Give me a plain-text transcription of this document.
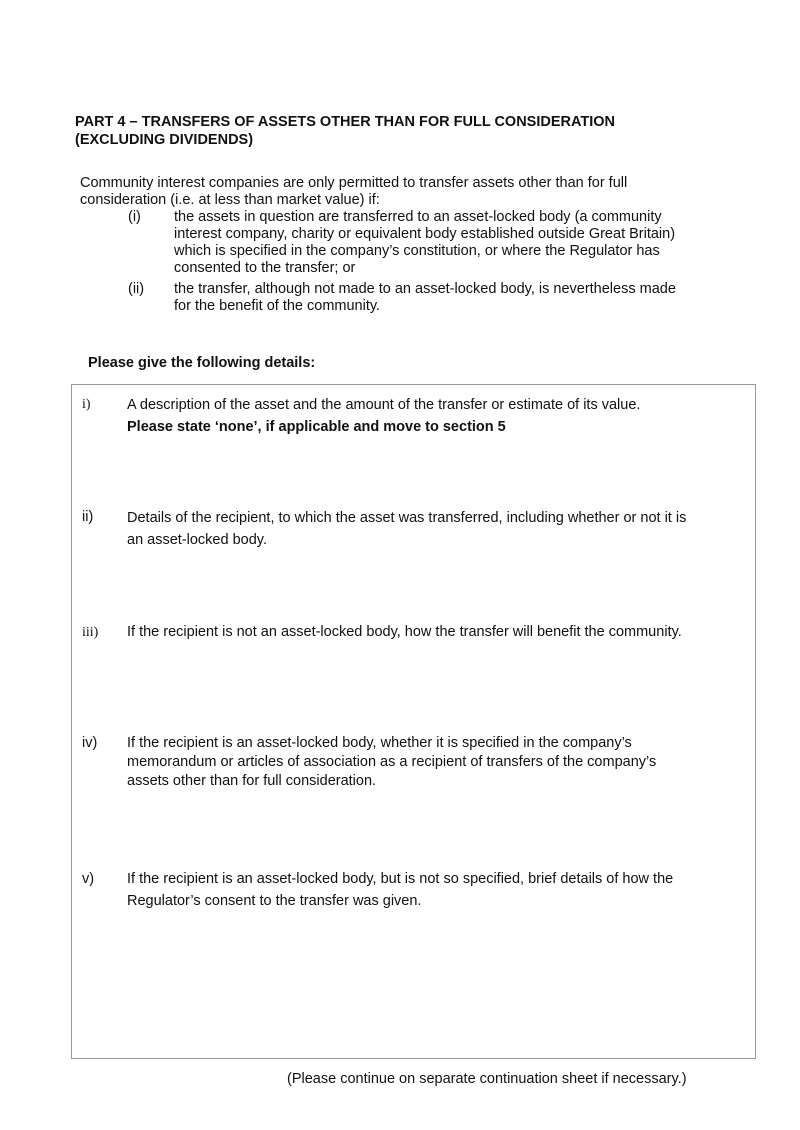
PART 4 – TRANSFERS OF ASSETS OTHER THAN FOR FULL CONSIDERATION
(EXCLUDING DIVIDENDS)
Community interest companies are only permitted to transfer assets other than for full
consideration (i.e. at less than market value) if:
(i) the assets in question are transferred to an asset-locked body (a community
interest company, charity or equivalent body established outside Great Britain)
which is specified in the company’s constitution, or where the Regulator has
consented to the transfer; or
(ii) the transfer, although not made to an asset-locked body, is nevertheless made
for the benefit of the community.
Please give the following details:
i)	A description of the asset and the amount of the transfer or estimate of its value.
Please state ‘none’, if applicable and move to section 5
ii) Details of the recipient, to which the asset was transferred, including whether or not it is
an asset-locked body.
iii) If the recipient is not an asset-locked body, how the transfer will benefit the community.
iv) If the recipient is an asset-locked body, whether it is specified in the company’s
memorandum or articles of association as a recipient of transfers of the company’s
assets other than for full consideration.
v) If the recipient is an asset-locked body, but is not so specified, brief details of how the
Regulator’s consent to the transfer was given.
(Please continue on separate continuation sheet if necessary.)
